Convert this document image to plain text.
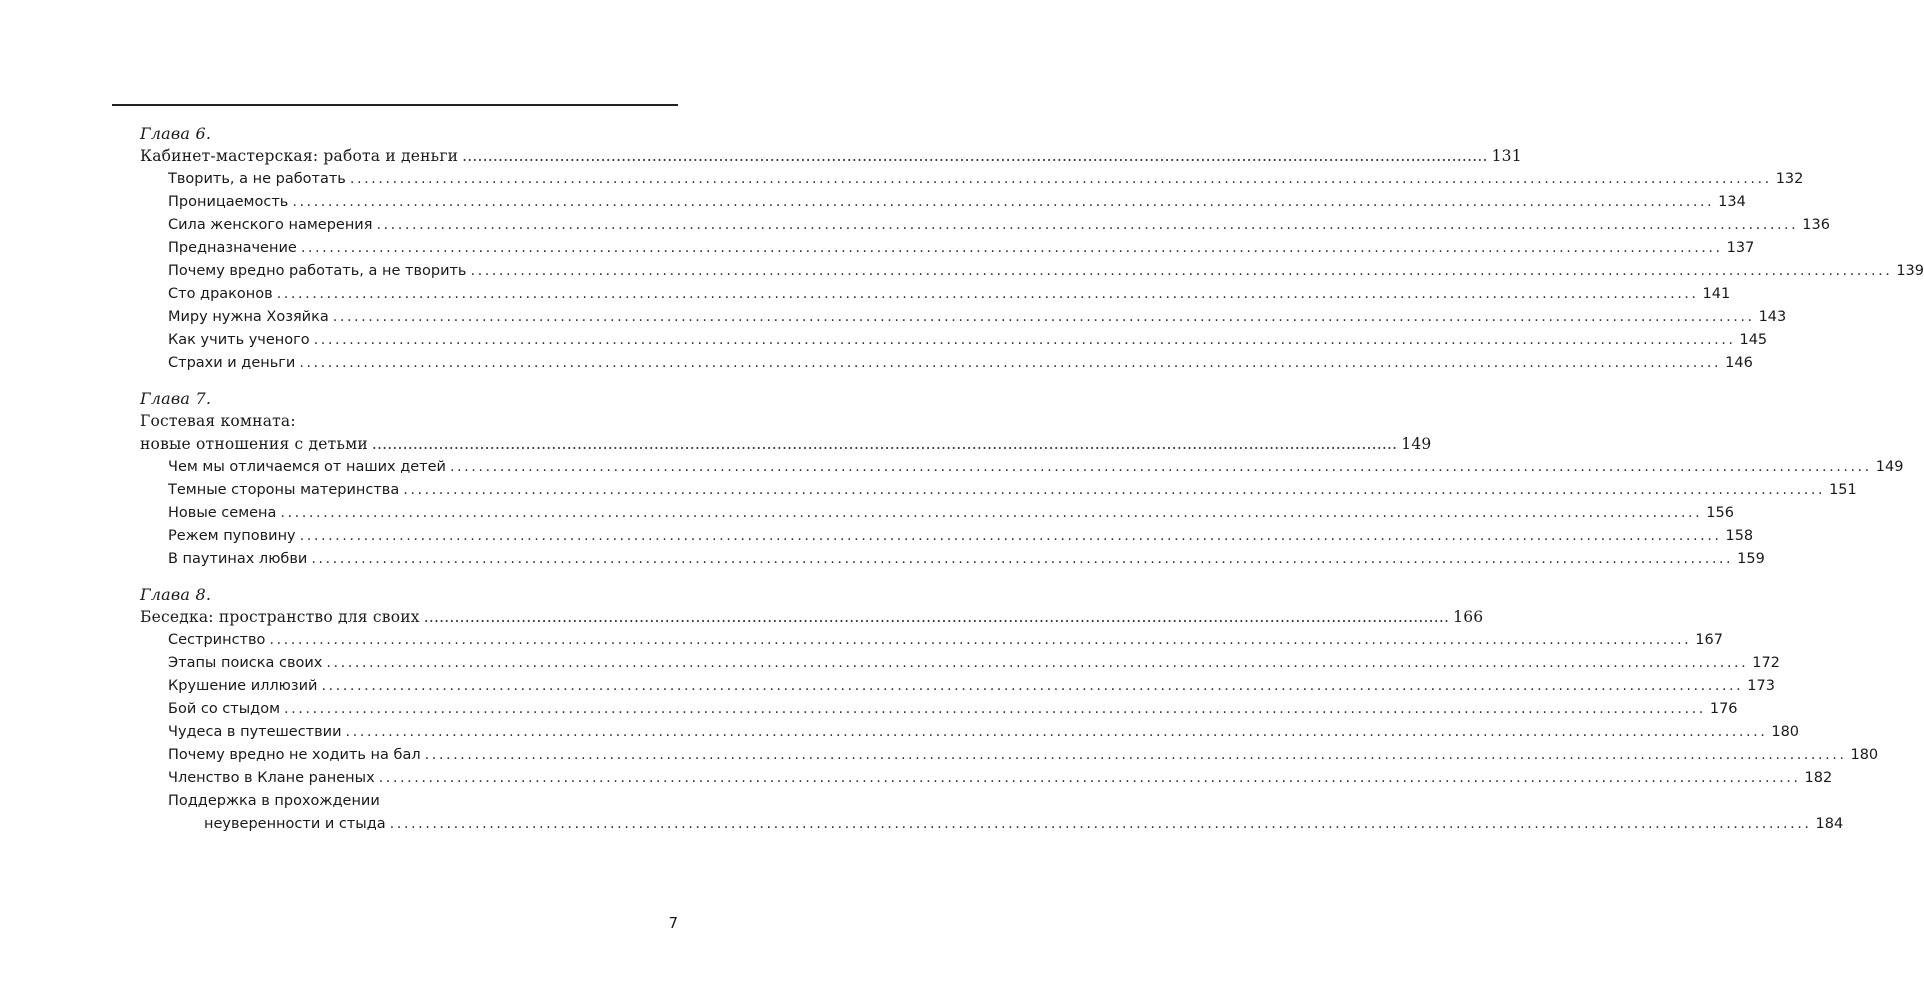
Глава 6.
Кабинет-мастерская: работа и деньги ........................................................................................................................................................................................................ 131
Творить, а не работать ........................................................................................................................................................................................................ 132
Проницаемость ........................................................................................................................................................................................................ 134
Сила женского намерения ........................................................................................................................................................................................................ 136
Предназначение ........................................................................................................................................................................................................ 137
Почему вредно работать, а не творить ........................................................................................................................................................................................................ 139
Сто драконов ........................................................................................................................................................................................................ 141
Миру нужна Хозяйка ........................................................................................................................................................................................................ 143
Как учить ученого ........................................................................................................................................................................................................ 145
Страхи и деньги ........................................................................................................................................................................................................ 146
Глава 7.
Гостевая комната:
новые отношения с детьми ........................................................................................................................................................................................................ 149
Чем мы отличаемся от наших детей ........................................................................................................................................................................................................ 149
Темные стороны материнства ........................................................................................................................................................................................................ 151
Новые семена ........................................................................................................................................................................................................ 156
Режем пуповину ........................................................................................................................................................................................................ 158
В паутинах любви ........................................................................................................................................................................................................ 159
Глава 8.
Беседка: пространство для своих ........................................................................................................................................................................................................ 166
Сестринство ........................................................................................................................................................................................................ 167
Этапы поиска своих ........................................................................................................................................................................................................ 172
Крушение иллюзий ........................................................................................................................................................................................................ 173
Бой со стыдом ........................................................................................................................................................................................................ 176
Чудеса в путешествии ........................................................................................................................................................................................................ 180
Почему вредно не ходить на бал ........................................................................................................................................................................................................ 180
Членство в Клане раненых ........................................................................................................................................................................................................ 182
Поддержка в прохождении
неуверенности и стыда ........................................................................................................................................................................................................ 184
7
